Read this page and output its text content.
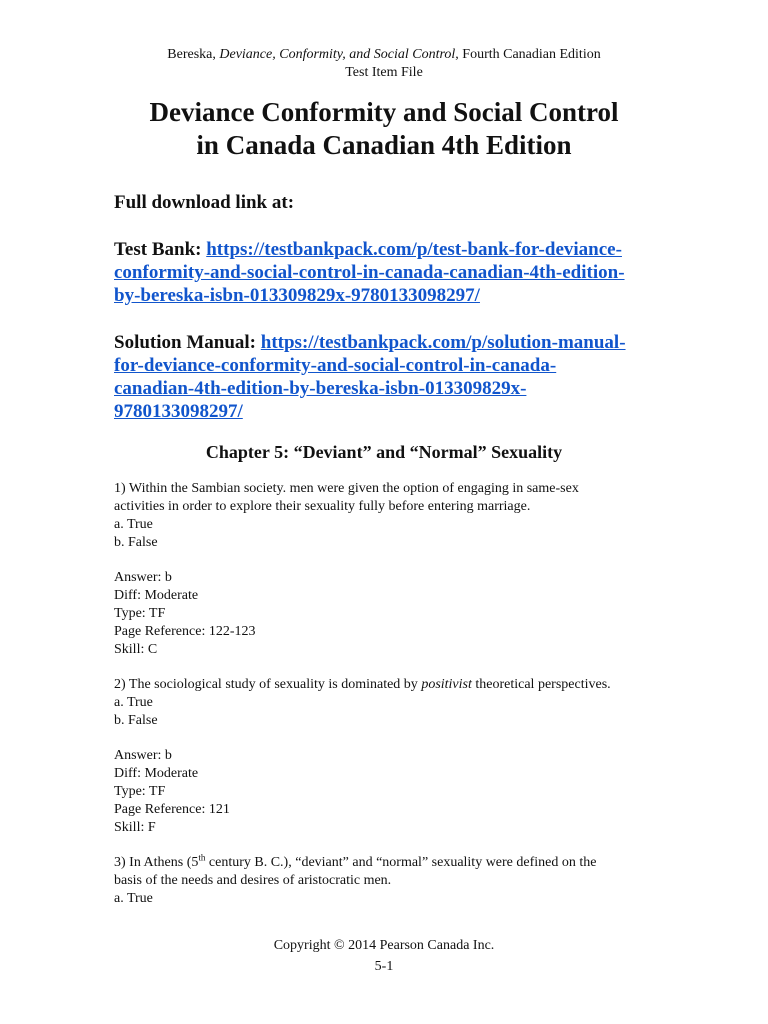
Bereska, Deviance, Conformity, and Social Control, Fourth Canadian Edition
Test Item File
Deviance Conformity and Social Control
in Canada Canadian 4th Edition
Full download link at:
Test Bank: https://testbankpack.com/p/test-bank-for-deviance-
conformity-and-social-control-in-canada-canadian-4th-edition-
by-bereska-isbn-013309829x-9780133098297/
Solution Manual: https://testbankpack.com/p/solution-manual-
for-deviance-conformity-and-social-control-in-canada-
canadian-4th-edition-by-bereska-isbn-013309829x-
9780133098297/
Chapter 5: “Deviant” and “Normal” Sexuality
1) Within the Sambian society. men were given the option of engaging in same-sex
activities in order to explore their sexuality fully before entering marriage.
a. True
b. False
Answer: b
Diff: Moderate
Type: TF
Page Reference: 122-123
Skill: C
2) The sociological study of sexuality is dominated by positivist theoretical perspectives.
a. True
b. False
Answer: b
Diff: Moderate
Type: TF
Page Reference: 121
Skill: F
3) In Athens (5th century B. C.), “deviant” and “normal” sexuality were defined on the
basis of the needs and desires of aristocratic men.
a. True
Copyright © 2014 Pearson Canada Inc.
5-1
